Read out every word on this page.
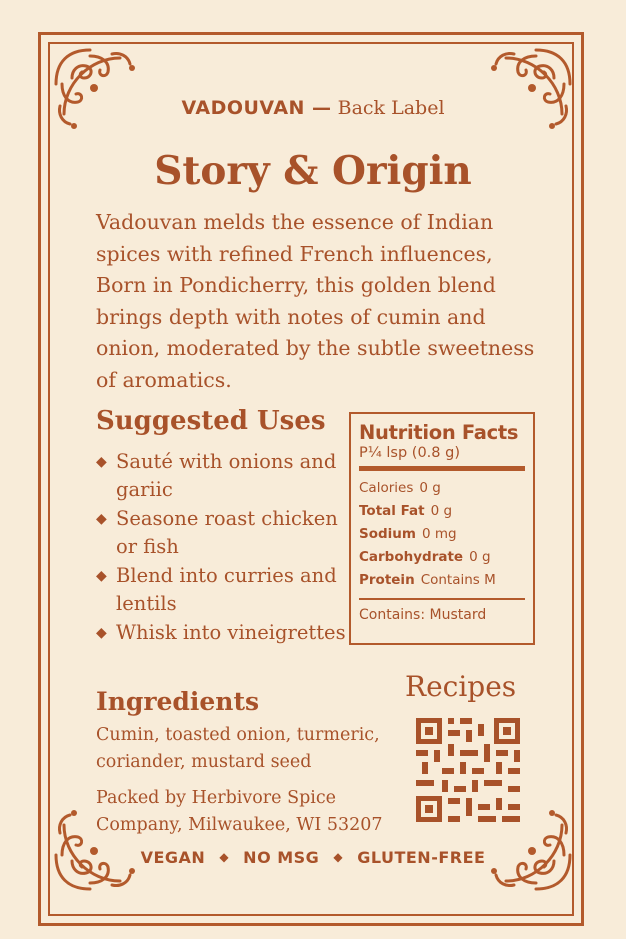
VADOUVAN — Back Label
Story & Origin
Vadouvan melds the essence of Indian spices with refined French influences, Born in Pondicherry, this golden blend brings depth with notes of cumin and onion, moderated by the subtle sweetness of aromatics.
Suggested Uses
◆ Sauté with onions and gariic
◆ Seasone roast chicken or fish
◆ Blend into curries and lentils
◆ Whisk into vineigrettes
Nutrition Facts
P¼ lsp (0.8 g)
Calories 0 g
Total Fat 0 g
Sodium 0 mg
Carbohydrate 0 g
Protein Contains M
Contains: Mustard
Ingredients
Cumin, toasted onion, turmeric, coriander, mustard seed
Packed by Herbivore Spice Company, Milwaukee, WI 53207
Recipes
VEGAN ◆ NO MSG ◆ GLUTEN-FREE
